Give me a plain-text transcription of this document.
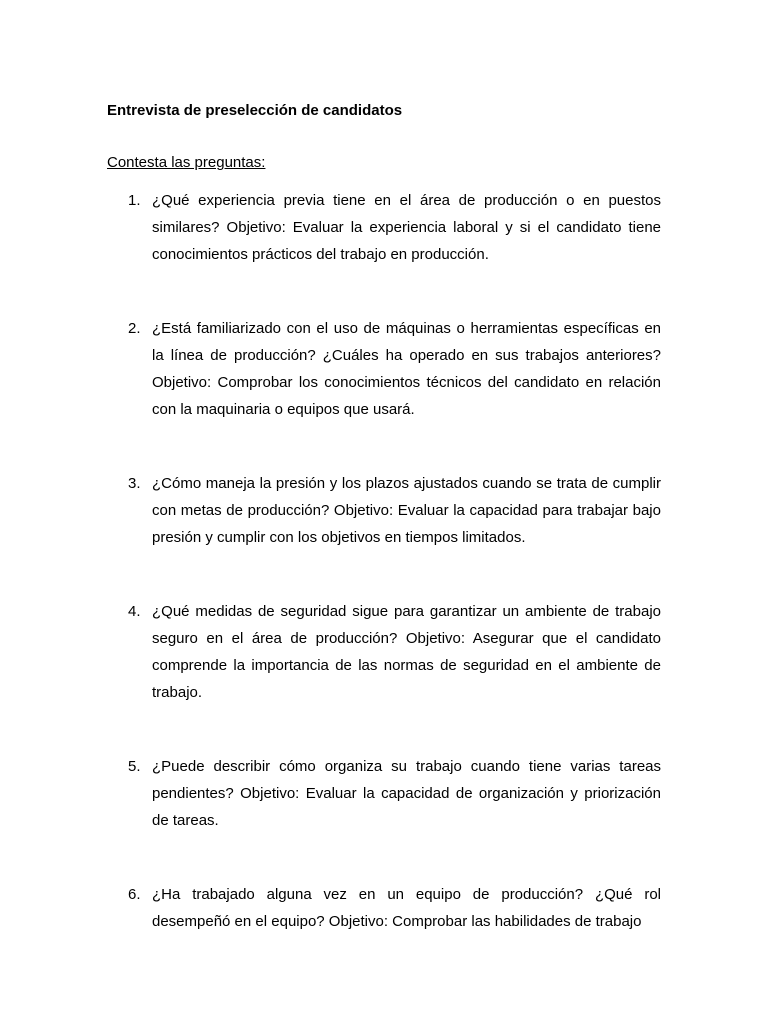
Entrevista de preselección de candidatos
Contesta las preguntas:
1. ¿Qué experiencia previa tiene en el área de producción o en puestos similares? Objetivo: Evaluar la experiencia laboral y si el candidato tiene conocimientos prácticos del trabajo en producción.
2. ¿Está familiarizado con el uso de máquinas o herramientas específicas en la línea de producción? ¿Cuáles ha operado en sus trabajos anteriores? Objetivo: Comprobar los conocimientos técnicos del candidato en relación con la maquinaria o equipos que usará.
3. ¿Cómo maneja la presión y los plazos ajustados cuando se trata de cumplir con metas de producción? Objetivo: Evaluar la capacidad para trabajar bajo presión y cumplir con los objetivos en tiempos limitados.
4. ¿Qué medidas de seguridad sigue para garantizar un ambiente de trabajo seguro en el área de producción? Objetivo: Asegurar que el candidato comprende la importancia de las normas de seguridad en el ambiente de trabajo.
5. ¿Puede describir cómo organiza su trabajo cuando tiene varias tareas pendientes? Objetivo: Evaluar la capacidad de organización y priorización de tareas.
6. ¿Ha trabajado alguna vez en un equipo de producción? ¿Qué rol desempeñó en el equipo? Objetivo: Comprobar las habilidades de trabajo
